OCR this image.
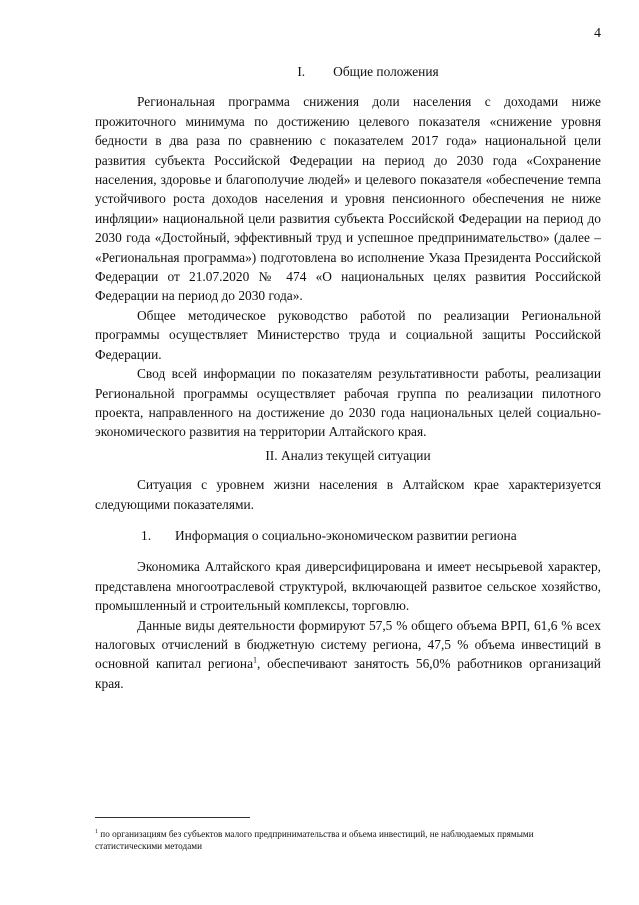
4
I. Общие положения

Региональная программа снижения доли населения с доходами ниже прожиточного минимума по достижению целевого показателя «снижение уровня бедности в два раза по сравнению с показателем 2017 года» национальной цели развития субъекта Российской Федерации на период до 2030 года «Сохранение населения, здоровье и благополучие людей» и целевого показателя «обеспечение темпа устойчивого роста доходов населения и уровня пенсионного обеспечения не ниже инфляции» национальной цели развития субъекта Российской Федерации на период до 2030 года «Достойный, эффективный труд и успешное предпринимательство» (далее – «Региональная программа») подготовлена во исполнение Указа Президента Российской Федерации от 21.07.2020 № 474 «О национальных целях развития Российской Федерации на период до 2030 года».

Общее методическое руководство работой по реализации Региональной программы осуществляет Министерство труда и социальной защиты Российской Федерации.

Свод всей информации по показателям результативности работы, реализации Региональной программы осуществляет рабочая группа по реализации пилотного проекта, направленного на достижение до 2030 года национальных целей социально-экономического развития на территории Алтайского края.

II. Анализ текущей ситуации

Ситуация с уровнем жизни населения в Алтайском крае характеризуется следующими показателями.

1. Информация о социально-экономическом развитии региона

Экономика Алтайского края диверсифицирована и имеет несырьевой характер, представлена многоотраслевой структурой, включающей развитое сельское хозяйство, промышленный и строительный комплексы, торговлю.

Данные виды деятельности формируют 57,5 % общего объема ВРП, 61,6 % всех налоговых отчислений в бюджетную систему региона, 47,5 % объема инвестиций в основной капитал региона$^1$, обеспечивают занятость 56,0% работников организаций края.

$^1$ по организациям без субъектов малого предпринимательства и объема инвестиций, не наблюдаемых прямыми статистическими методами
